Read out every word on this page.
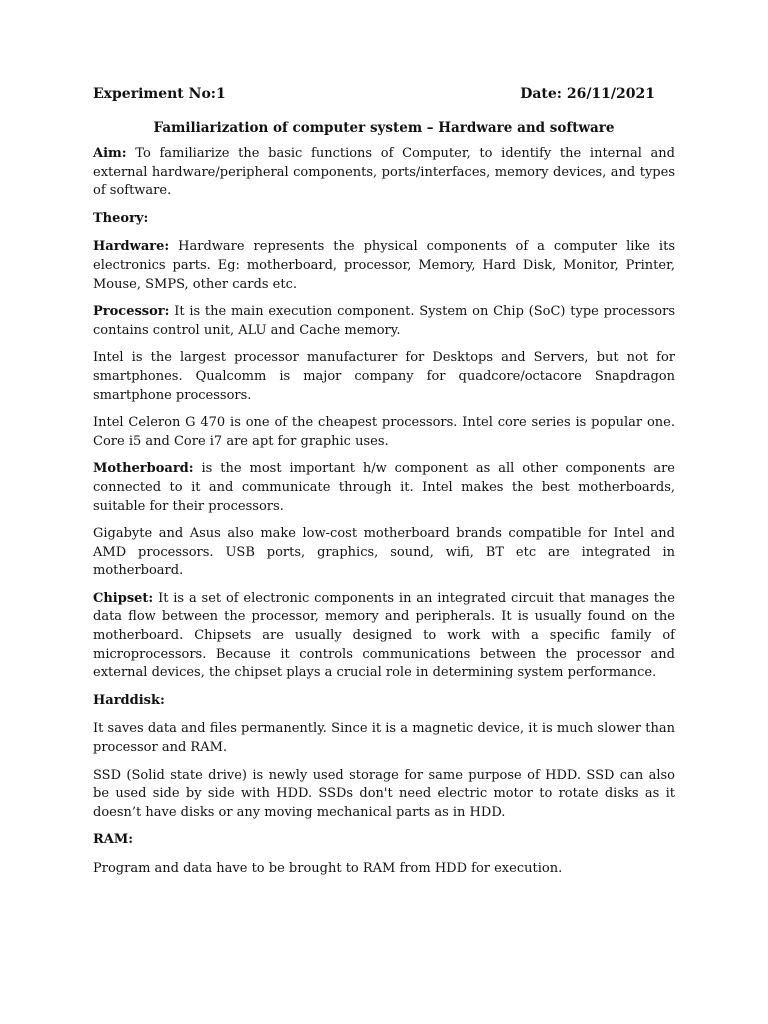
Experiment No:1	Date: 26/11/2021
Familiarization of computer system – Hardware and software

Aim: To familiarize the basic functions of Computer, to identify the internal and external hardware/peripheral components, ports/interfaces, memory devices, and types of software.

Theory:

Hardware: Hardware represents the physical components of a computer like its electronics parts. Eg: motherboard, processor, Memory, Hard Disk, Monitor, Printer, Mouse, SMPS, other cards etc.

Processor: It is the main execution component. System on Chip (SoC) type processors contains control unit, ALU and Cache memory.

Intel is the largest processor manufacturer for Desktops and Servers, but not for smartphones. Qualcomm is major company for quadcore/octacore Snapdragon smartphone processors.

Intel Celeron G 470 is one of the cheapest processors. Intel core series is popular one. Core i5 and Core i7 are apt for graphic uses.

Motherboard: is the most important h/w component as all other components are connected to it and communicate through it. Intel makes the best motherboards, suitable for their processors.

Gigabyte and Asus also make low-cost motherboard brands compatible for Intel and AMD processors. USB ports, graphics, sound, wifi, BT etc are integrated in motherboard.

Chipset: It is a set of electronic components in an integrated circuit that manages the data flow between the processor, memory and peripherals. It is usually found on the motherboard. Chipsets are usually designed to work with a specific family of microprocessors. Because it controls communications between the processor and external devices, the chipset plays a crucial role in determining system performance.

Harddisk:

It saves data and files permanently. Since it is a magnetic device, it is much slower than processor and RAM.

SSD (Solid state drive) is newly used storage for same purpose of HDD. SSD can also be used side by side with HDD. SSDs don't need electric motor to rotate disks as it doesn’t have disks or any moving mechanical parts as in HDD.

RAM:

Program and data have to be brought to RAM from HDD for execution.
